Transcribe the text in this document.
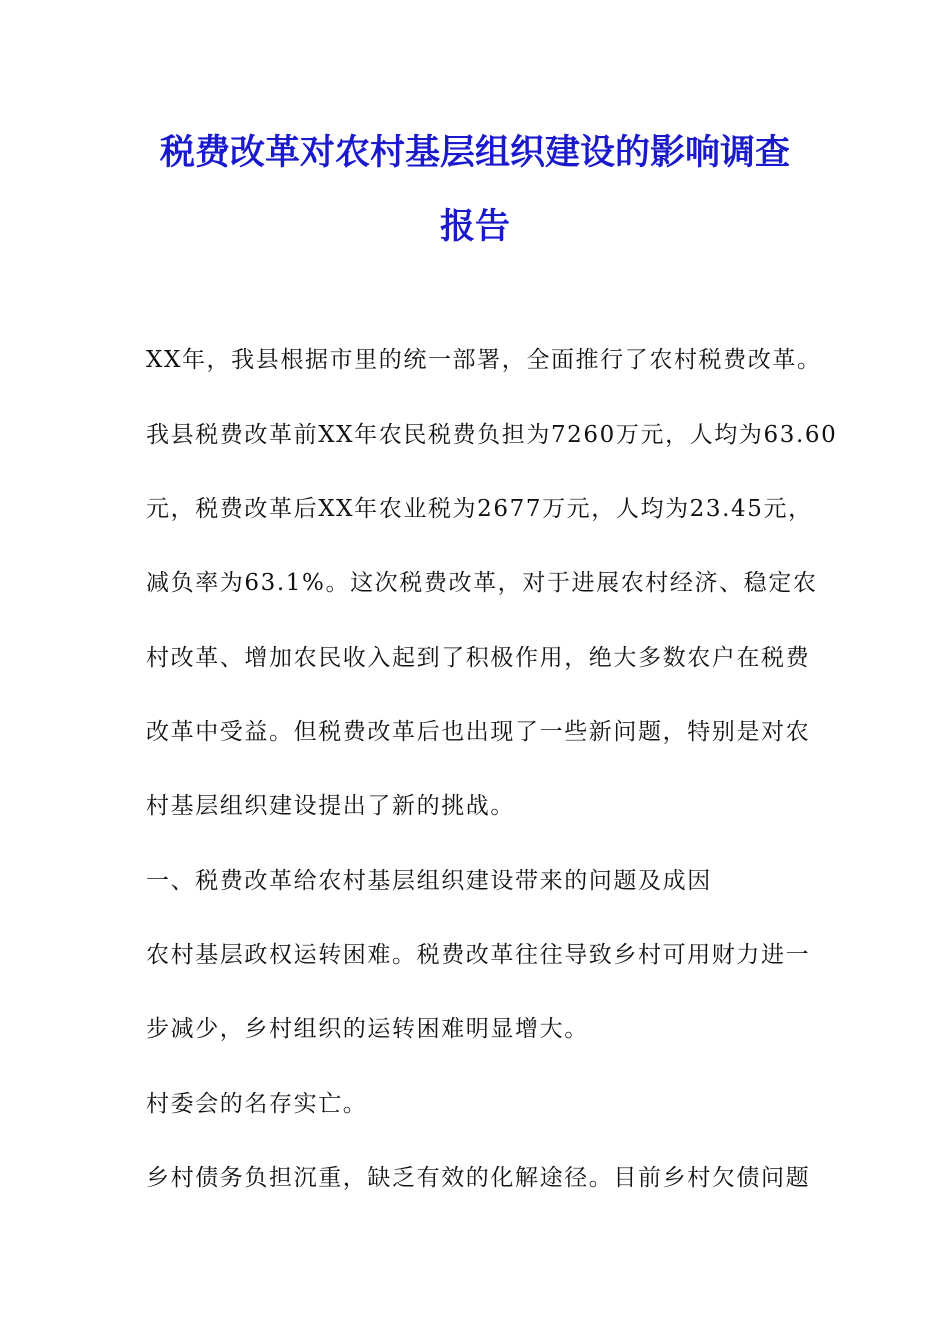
税费改革对农村基层组织建设的影响调查
报告
XX年，我县根据市里的统一部署，全面推行了农村税费改革。
我县税费改革前XX年农民税费负担为7260万元，人均为63.60
元，税费改革后XX年农业税为2677万元，人均为23.45元，
减负率为63.1%。这次税费改革，对于进展农村经济、稳定农
村改革、增加农民收入起到了积极作用，绝大多数农户在税费
改革中受益。但税费改革后也出现了一些新问题，特别是对农
村基层组织建设提出了新的挑战。
一、税费改革给农村基层组织建设带来的问题及成因
农村基层政权运转困难。税费改革往往导致乡村可用财力进一
步减少，乡村组织的运转困难明显增大。
村委会的名存实亡。
乡村债务负担沉重，缺乏有效的化解途径。目前乡村欠债问题
